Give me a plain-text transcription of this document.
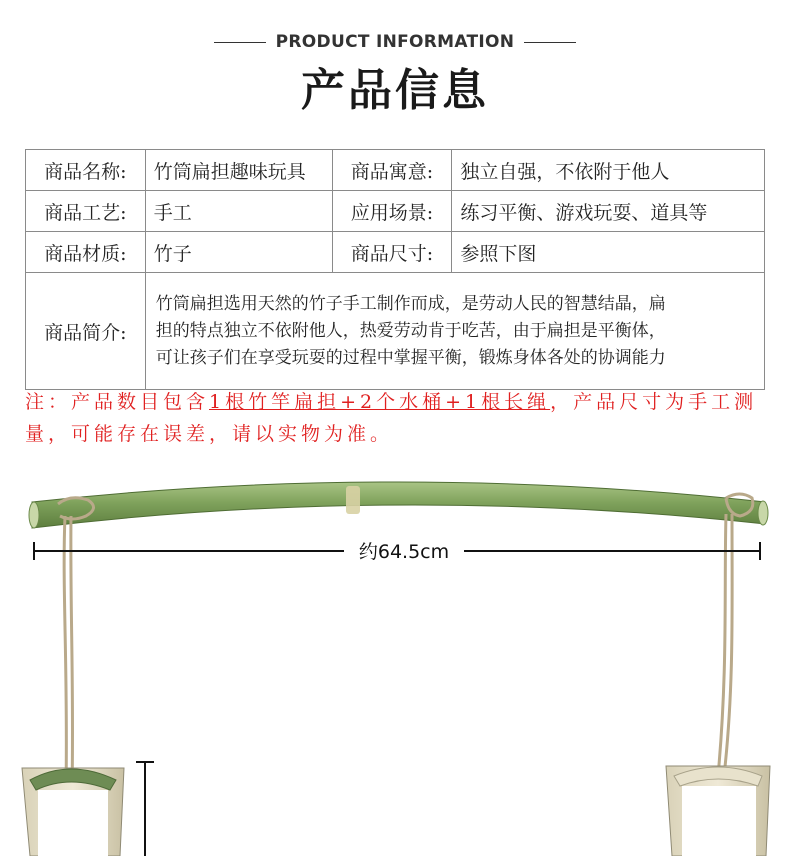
PRODUCT INFORMATION
产品信息
商品名称:	竹筒扁担趣味玩具	商品寓意:	独立自强，不依附于他人
商品工艺:	手工	应用场景:	练习平衡、游戏玩耍、道具等
商品材质:	竹子	商品尺寸:	参照下图
商品简介:	竹筒扁担选用天然的竹子手工制作而成，是劳动人民的智慧结晶，扁
担的特点独立不依附他人，热爱劳动肯于吃苦，由于扁担是平衡体，
可让孩子们在享受玩耍的过程中掌握平衡，锻炼身体各处的协调能力		
注：产品数目包含1根竹竿扁担+2个水桶+1根长绳，产品尺寸为手工测量，可能存在误差，请以实物为准。
约64.5cm
